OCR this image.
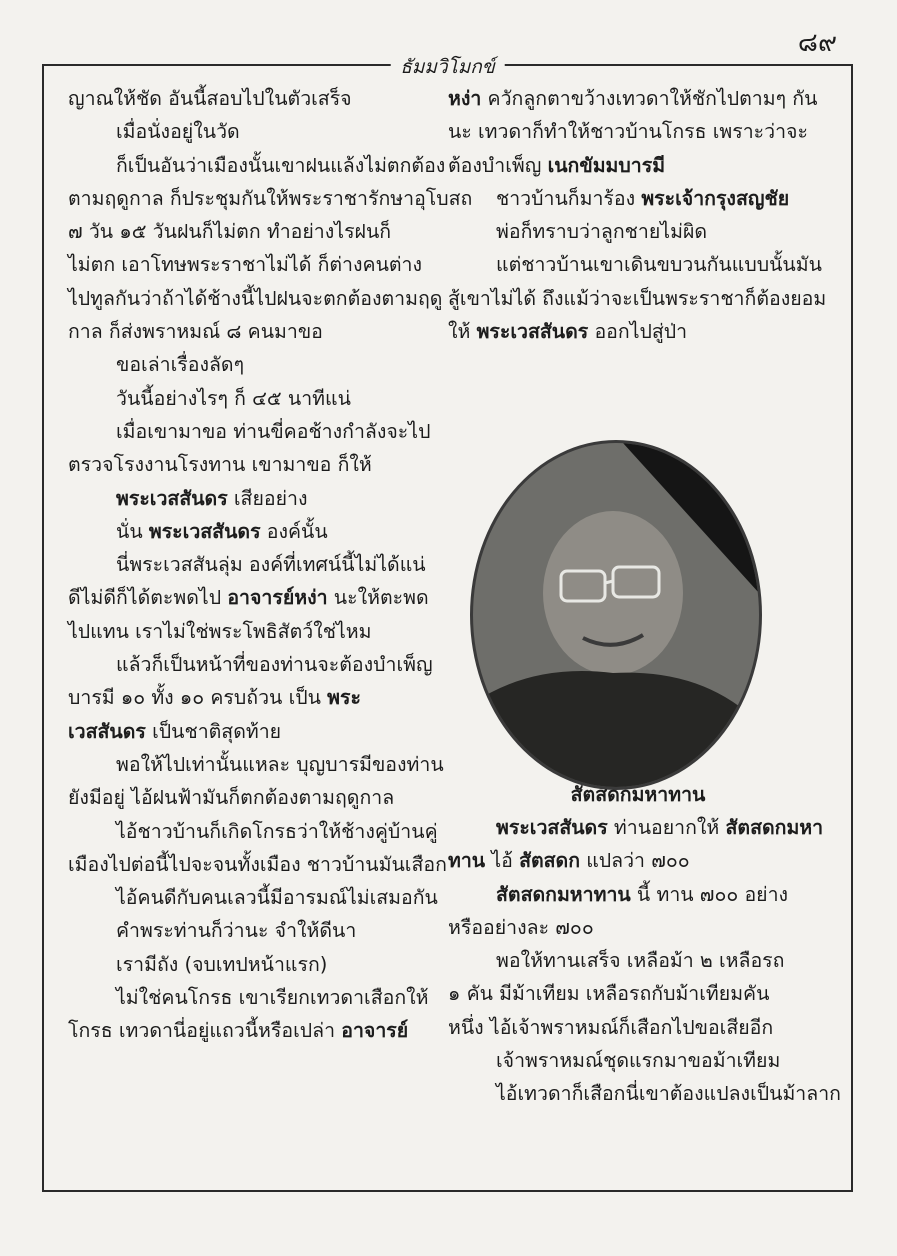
๘๙
ธัมมวิโมกข์

ญาณให้ชัด อันนี้สอบไปในตัวเสร็จ

เมื่อนั่งอยู่ในวัด

ก็เป็นอันว่าเมืองนั้นเขาฝนแล้งไม่ตกต้อง

ตามฤดูกาล ก็ประชุมกันให้พระราชารักษาอุโบสถ

๗ วัน ๑๕ วันฝนก็ไม่ตก ทำอย่างไรฝนก็

ไม่ตก เอาโทษพระราชาไม่ได้ ก็ต่างคนต่าง

ไปทูลกันว่าถ้าได้ช้างนี้ไปฝนจะตกต้องตามฤดู

กาล ก็ส่งพราหมณ์ ๘ คนมาขอ

ขอเล่าเรื่องลัดๆ

วันนี้อย่างไรๆ ก็ ๔๕ นาทีแน่

เมื่อเขามาขอ ท่านขี่คอช้างกำลังจะไป

ตรวจโรงงานโรงทาน เขามาขอ ก็ให้

พระเวสสันดร เสียอย่าง

นั่น พระเวสสันดร องค์นั้น

นี่พระเวสสันลุ่ม องค์ที่เทศน์นี้ไม่ได้แน่

ดีไม่ดีก็ได้ตะพดไป อาจารย์หง่า นะให้ตะพด

ไปแทน เราไม่ใช่พระโพธิสัตว์ใช่ไหม

แล้วก็เป็นหน้าที่ของท่านจะต้องบำเพ็ญ

บารมี ๑๐ ทั้ง ๑๐ ครบถ้วน เป็น พระ

เวสสันดร เป็นชาติสุดท้าย

พอให้ไปเท่านั้นแหละ บุญบารมีของท่าน

ยังมีอยู่ ไอ้ฝนฟ้ามันก็ตกต้องตามฤดูกาล

ไอ้ชาวบ้านก็เกิดโกรธว่าให้ช้างคู่บ้านคู่

เมืองไปต่อนี้ไปจะจนทั้งเมือง ชาวบ้านมันเสือก

ไอ้คนดีกับคนเลวนี้มีอารมณ์ไม่เสมอกัน

คำพระท่านก็ว่านะ จำให้ดีนา

เรามีถัง (จบเทปหน้าแรก)

ไม่ใช่คนโกรธ เขาเรียกเทวดาเสือกให้

โกรธ เทวดานี่อยู่แถวนี้หรือเปล่า อาจารย์

หง่า ควักลูกตาขว้างเทวดาให้ชักไปตามๆ กัน

นะ เทวดาก็ทำให้ชาวบ้านโกรธ เพราะว่าจะ

ต้องบำเพ็ญ เนกขัมมบารมี

ชาวบ้านก็มาร้อง พระเจ้ากรุงสญชัย

พ่อก็ทราบว่าลูกชายไม่ผิด

แต่ชาวบ้านเขาเดินขบวนกันแบบนั้นมัน

สู้เขาไม่ได้ ถึงแม้ว่าจะเป็นพระราชาก็ต้องยอม

ให้ พระเวสสันดร ออกไปสู่ป่า

สัตสดกมหาทาน

พระเวสสันดร ท่านอยากให้ สัตสดกมหา

ทาน ไอ้ สัตสดก แปลว่า ๗๐๐

สัตสดกมหาทาน นี้ ทาน ๗๐๐ อย่าง

หรืออย่างละ ๗๐๐

พอให้ทานเสร็จ เหลือม้า ๒ เหลือรถ

๑ คัน มีม้าเทียม เหลือรถกับม้าเทียมคัน

หนึ่ง ไอ้เจ้าพราหมณ์ก็เสือกไปขอเสียอีก

เจ้าพราหมณ์ชุดแรกมาขอม้าเทียม

ไอ้เทวดาก็เสือกนี่เขาต้องแปลงเป็นม้าลาก
